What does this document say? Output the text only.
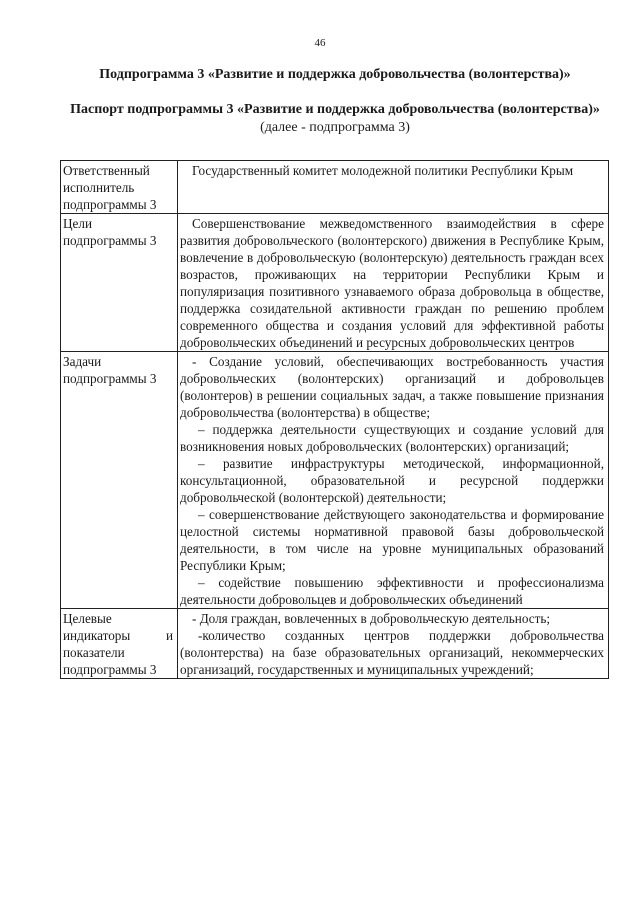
46
Подпрограмма 3 «Развитие и поддержка добровольчества (волонтерства)»
Паспорт подпрограммы 3 «Развитие и поддержка добровольчества (волонтерства)» (далее - подпрограмма 3)
Ответственный исполнитель подпрограммы 3	Государственный комитет молодежной политики Республики Крым

Цели подпрограммы 3	Совершенствование межведомственного взаимодействия в сфере развития добровольческого (волонтерского) движения в Республике Крым, вовлечение в добровольческую (волонтерскую) деятельность граждан всех возрастов, проживающих на территории Республики Крым и популяризация позитивного узнаваемого образа добровольца в обществе, поддержка созидательной активности граждан по решению проблем современного общества и создания условий для эффективной работы добровольческих объединений и ресурсных добровольческих центров

Задачи подпрограммы 3	- Создание условий, обеспечивающих востребованность участия добровольческих (волонтерских) организаций и добровольцев (волонтеров) в решении социальных задач, а также повышение признания добровольчества (волонтерства) в обществе;
– поддержка деятельности существующих и создание условий для возникновения новых добровольческих (волонтерских) организаций;
– развитие инфраструктуры методической, информационной, консультационной, образовательной и ресурсной поддержки добровольческой (волонтерской) деятельности;
– совершенствование действующего законодательства и формирование целостной системы нормативной правовой базы добровольческой деятельности, в том числе на уровне муниципальных образований Республики Крым;
– содействие повышению эффективности и профессионализма деятельности добровольцев и добровольческих объединений

Целевые индикаторы и показатели подпрограммы 3	- Доля граждан, вовлеченных в добровольческую деятельность;
-количество созданных центров поддержки добровольчества (волонтерства) на базе образовательных организаций, некоммерческих организаций, государственных и муниципальных учреждений;
